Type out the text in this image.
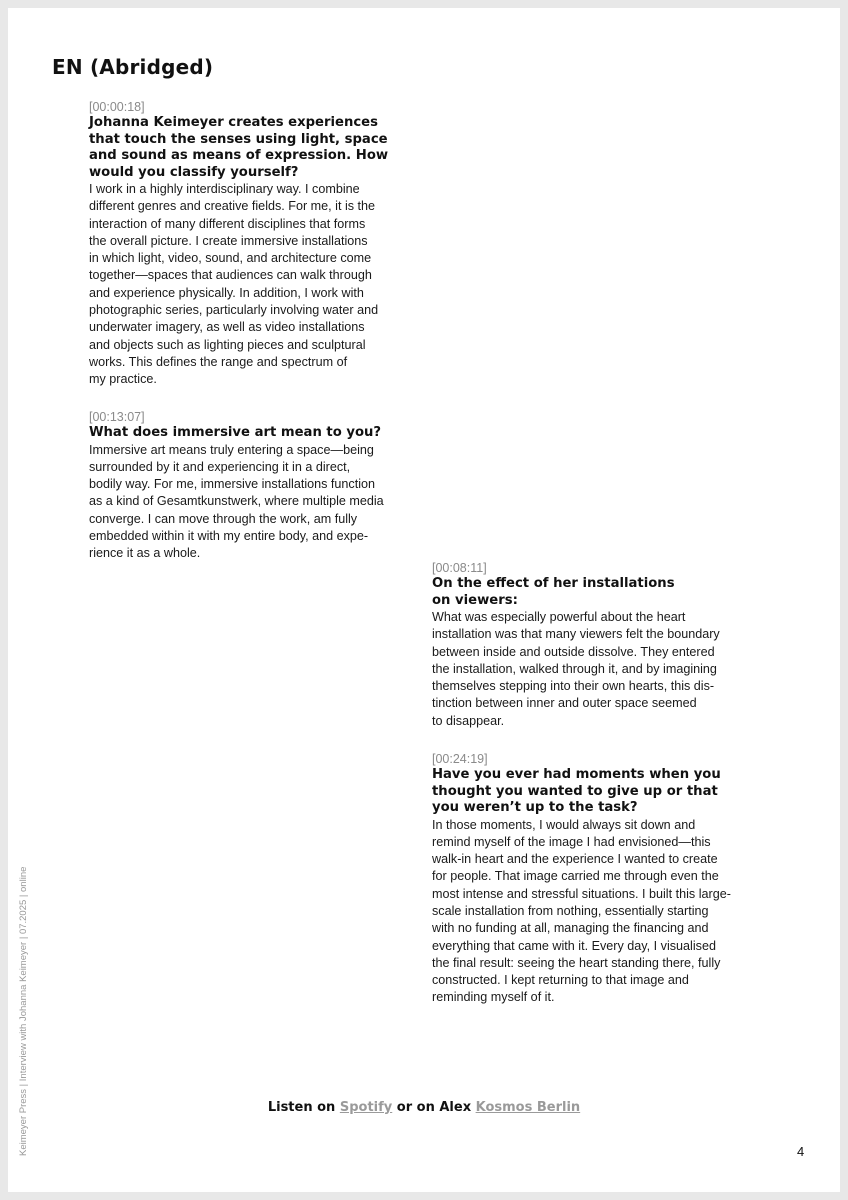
EN (Abridged)
Keimeyer Press | Interview with Johanna Keimeyer | 07.2025 | online
[00:00:18]
Johanna Keimeyer creates experiences
that touch the senses using light, space
and sound as means of expression. How
would you classify yourself?
I work in a highly interdisciplinary way. I combine
different genres and creative fields. For me, it is the
interaction of many different disciplines that forms
the overall picture. I create immersive installations
in which light, video, sound, and architecture come
together—spaces that audiences can walk through
and experience physically. In addition, I work with
photographic series, particularly involving water and
underwater imagery, as well as video installations
and objects such as lighting pieces and sculptural
works. This defines the range and spectrum of
my practice.
[00:13:07]
What does immersive art mean to you?
Immersive art means truly entering a space—being
surrounded by it and experiencing it in a direct,
bodily way. For me, immersive installations function
as a kind of Gesamtkunstwerk, where multiple media
converge. I can move through the work, am fully
embedded within it with my entire body, and expe-
rience it as a whole.
[00:08:11]
On the effect of her installations
on viewers:
What was especially powerful about the heart
installation was that many viewers felt the boundary
between inside and outside dissolve. They entered
the installation, walked through it, and by imagining
themselves stepping into their own hearts, this dis-
tinction between inner and outer space seemed
to disappear.
[00:24:19]
Have you ever had moments when you
thought you wanted to give up or that
you weren’t up to the task?
In those moments, I would always sit down and
remind myself of the image I had envisioned—this
walk-in heart and the experience I wanted to create
for people. That image carried me through even the
most intense and stressful situations. I built this large-
scale installation from nothing, essentially starting
with no funding at all, managing the financing and
everything that came with it. Every day, I visualised
the final result: seeing the heart standing there, fully
constructed. I kept returning to that image and
reminding myself of it.
Listen on Spotify or on Alex Kosmos Berlin
4
